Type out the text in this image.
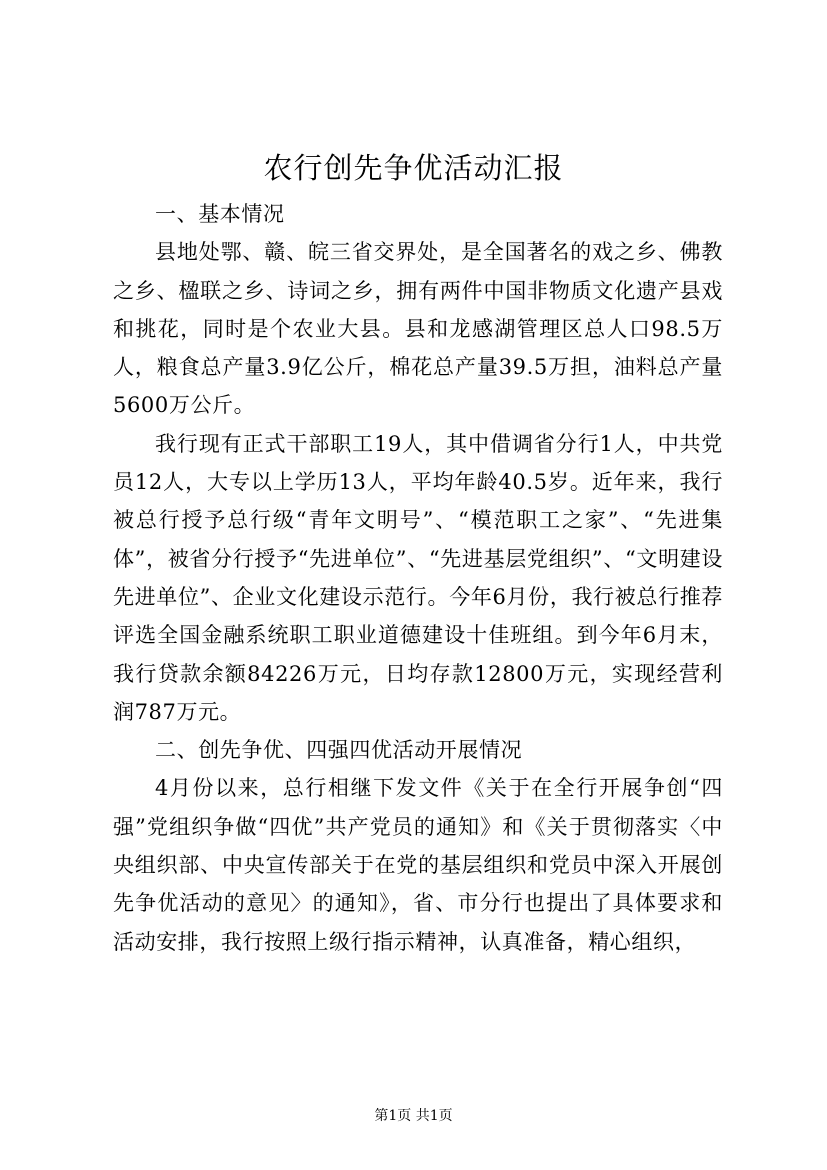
农行创先争优活动汇报

一、基本情况

县地处鄂、赣、皖三省交界处，是全国著名的戏之乡、佛教之乡、楹联之乡、诗词之乡，拥有两件中国非物质文化遗产县戏和挑花，同时是个农业大县。县和龙感湖管理区总人口98.5万人，粮食总产量3.9亿公斤，棉花总产量39.5万担，油料总产量5600万公斤。

我行现有正式干部职工19人，其中借调省分行1人，中共党员12人，大专以上学历13人，平均年龄40.5岁。近年来，我行被总行授予总行级“青年文明号”、“模范职工之家”、“先进集体”，被省分行授予“先进单位”、“先进基层党组织”、“文明建设先进单位”、企业文化建设示范行。今年6月份，我行被总行推荐评选全国金融系统职工职业道德建设十佳班组。到今年6月末，我行贷款余额84226万元，日均存款12800万元，实现经营利润787万元。

二、创先争优、四强四优活动开展情况

4月份以来，总行相继下发文件《关于在全行开展争创“四强”党组织争做“四优”共产党员的通知》和《关于贯彻落实〈中央组织部、中央宣传部关于在党的基层组织和党员中深入开展创先争优活动的意见〉的通知》，省、市分行也提出了具体要求和活动安排，我行按照上级行指示精神，认真准备，精心组织，

第1页 共1页
